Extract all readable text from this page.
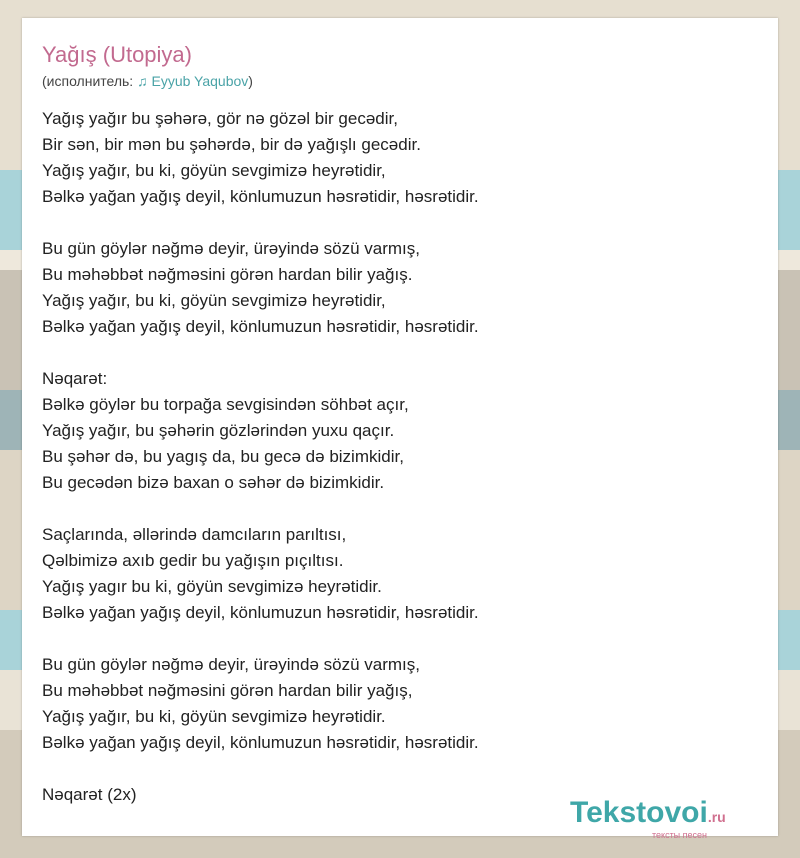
Yağış (Utopiya)
(исполнитель: ♫ Eyyub Yaqubov)
Yağış yağır bu şəhərə, gör nə gözəl bir gecədir,
Bir sən, bir mən bu şəhərdə, bir də yağışlı gecədir.
Yağış yağır, bu ki, göyün sevgimizə heyrətidir,
Bəlkə yağan yağış deyil, könlumuzun həsrətidir, həsrətidir.
Bu gün göylər nəğmə deyir, ürəyində sözü varmış,
Bu məhəbbət nəğməsini görən hardan bilir yağış.
Yağış yağır, bu ki, göyün sevgimizə heyrətidir,
Bəlkə yağan yağış deyil, könlumuzun həsrətidir, həsrətidir.
Nəqarət:
Bəlkə göylər bu torpağa sevgisindən söhbət açır,
Yağış yağır, bu şəhərin gözlərindən yuxu qaçır.
Bu şəhər də, bu yagış da, bu gecə də bizimkidir,
Bu gecədən bizə baxan o səhər də bizimkidir.
Saçlarında, əllərində damcıların parıltısı,
Qəlbimizə axıb gedir bu yağışın pıçıltısı.
Yağış yagır bu ki, göyün sevgimizə heyrətidir.
Bəlkə yağan yağış deyil, könlumuzun həsrətidir, həsrətidir.
Bu gün göylər nəğmə deyir, ürəyində sözü varmış,
Bu məhəbbət nəğməsini görən hardan bilir yağış,
Yağış yağır, bu ki, göyün sevgimizə heyrətidir.
Bəlkə yağan yağış deyil, könlumuzun həsrətidir, həsrətidir.
Nəqarət (2x)
Tekstovoi.ru
тексты песен
